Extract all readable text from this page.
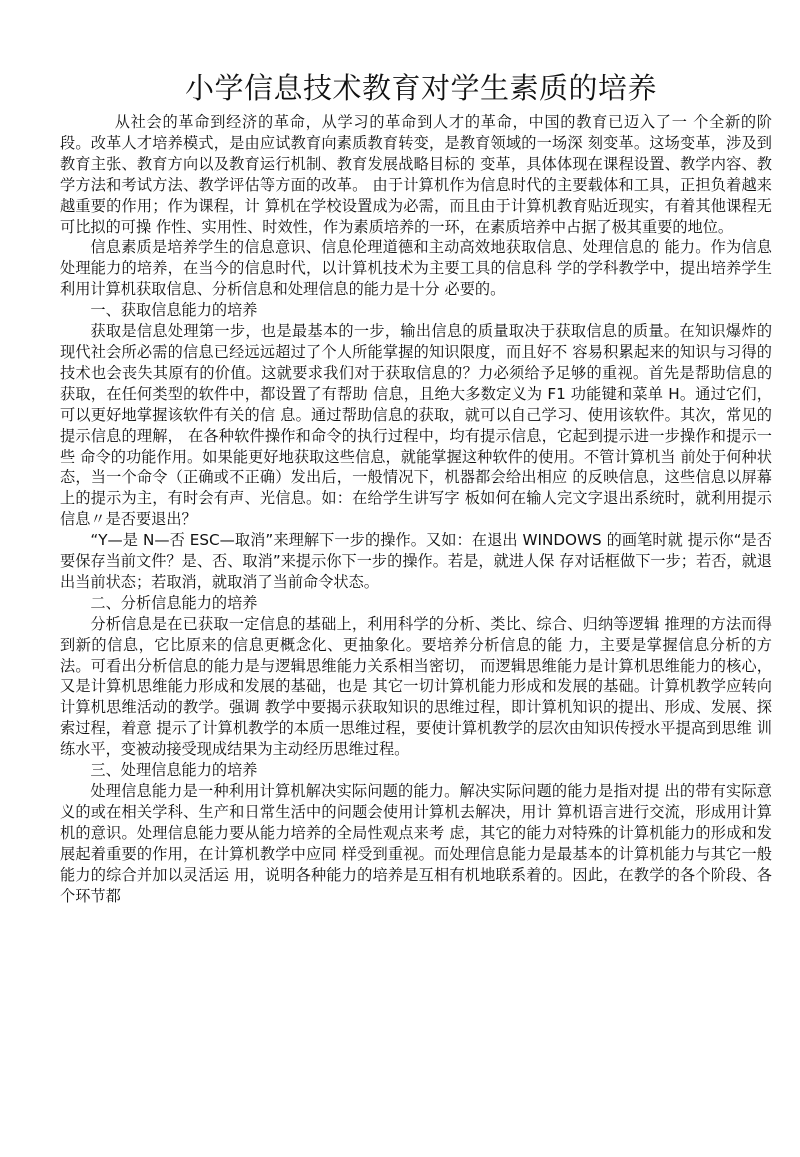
小学信息技术教育对学生素质的培养

从社会的革命到经济的革命，从学习的革命到人才的革命，中国的教育已迈入了一 个全新的阶段。改革人才培养模式，是由应试教育向素质教育转变，是教育领域的一场深 刻变革。这场变革，涉及到教育主张、教育方向以及教育运行机制、教育发展战略目标的 变革，具体体现在课程设置、教学内容、教学方法和考试方法、教学评估等方面的改革。 由于计算机作为信息时代的主要载体和工具，正担负着越来越重要的作用；作为课程，计 算机在学校设置成为必需，而且由于计算机教育贴近现实，有着其他课程无可比拟的可操 作性、实用性、时效性，作为素质培养的一环，在素质培养中占据了极其重要的地位。

信息素质是培养学生的信息意识、信息伦理道德和主动高效地获取信息、处理信息的 能力。作为信息处理能力的培养，在当今的信息时代，以计算机技术为主要工具的信息科 学的学科教学中，提出培养学生利用计算机获取信息、分析信息和处理信息的能力是十分 必要的。

一、获取信息能力的培养

获取是信息处理第一步，也是最基本的一步，输出信息的质量取决于获取信息的质量。在知识爆炸的现代社会所必需的信息已经远远超过了个人所能掌握的知识限度，而且好不 容易积累起来的知识与习得的技术也会丧失其原有的价值。这就要求我们对于获取信息的？力必须给予足够的重视。首先是帮助信息的获取，在任何类型的软件中，都设置了有帮助 信息，且绝大多数定义为 F1 功能键和菜单 H。通过它们，可以更好地掌握该软件有关的信 息。通过帮助信息的获取，就可以自己学习、使用该软件。其次，常见的提示信息的理解， 在各种软件操作和命令的执行过程中，均有提示信息，它起到提示进一步操作和提示一些 命令的功能作用。如果能更好地获取这些信息，就能掌握这种软件的使用。不管计算机当 前处于何种状态，当一个命令（正确或不正确）发出后，一般情况下，机器都会给出相应 的反映信息，这些信息以屏幕上的提示为主，有时会有声、光信息。如：在给学生讲写字 板如何在输人完文字退出系统时，就利用提示信息〃是否要退出？

“Y—是 N—否 ESC—取消”来理解下一步的操作。又如：在退出 WINDOWS 的画笔时就 提示你“是否要保存当前文件？是、否、取消”来提示你下一步的操作。若是，就进人保 存对话框做下一步；若否，就退出当前状态；若取消，就取消了当前命令状态。

二、分析信息能力的培养

分析信息是在已获取一定信息的基础上，利用科学的分析、类比、综合、归纳等逻辑 推理的方法而得到新的信息，它比原来的信息更概念化、更抽象化。要培养分析信息的能 力，主要是掌握信息分析的方法。可看出分析信息的能力是与逻辑思维能力关系相当密切， 而逻辑思维能力是计算机思维能力的核心，又是计算机思维能力形成和发展的基础，也是 其它一切计算机能力形成和发展的基础。计算机教学应转向计算机思维活动的教学。强调 教学中要揭示获取知识的思维过程，即计算机知识的提出、形成、发展、探索过程，着意 提示了计算机教学的本质一思维过程，要使计算机教学的层次由知识传授水平提高到思维 训练水平，变被动接受现成结果为主动经历思维过程。

三、处理信息能力的培养

处理信息能力是一种利用计算机解决实际问题的能力。解决实际问题的能力是指对提 出的带有实际意义的或在相关学科、生产和日常生活中的问题会使用计算机去解决，用计 算机语言进行交流，形成用计算机的意识。处理信息能力要从能力培养的全局性观点来考 虑，其它的能力对特殊的计算机能力的形成和发展起着重要的作用，在计算机教学中应同 样受到重视。而处理信息能力是最基本的计算机能力与其它一般能力的综合并加以灵活运 用，说明各种能力的培养是互相有机地联系着的。因此，在教学的各个阶段、各个环节都
